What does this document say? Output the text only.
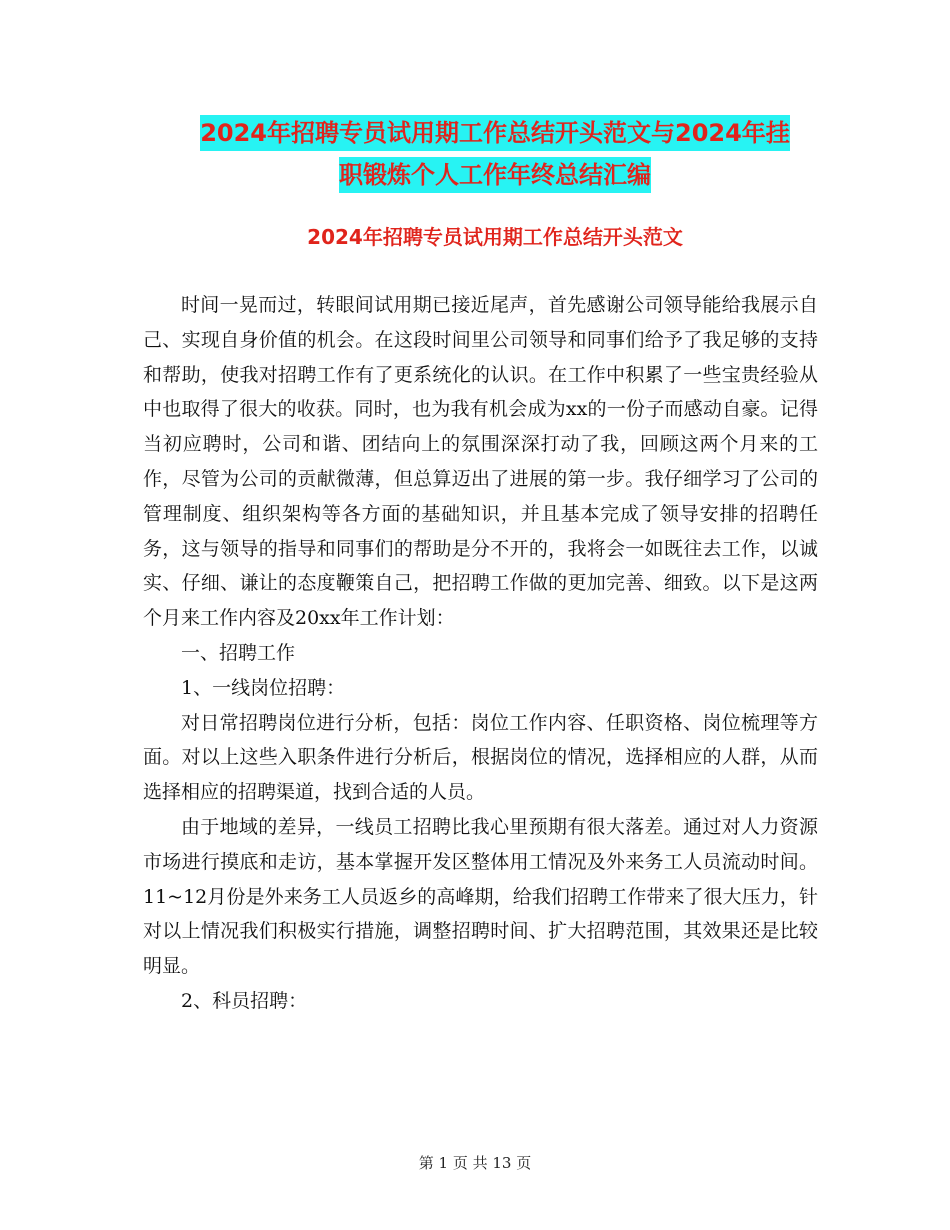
2024年招聘专员试用期工作总结开头范文与2024年挂
职锻炼个人工作年终总结汇编
2024年招聘专员试用期工作总结开头范文

时间一晃而过，转眼间试用期已接近尾声，首先感谢公司领导能给我展示自己、实现自身价值的机会。在这段时间里公司领导和同事们给予了我足够的支持和帮助，使我对招聘工作有了更系统化的认识。在工作中积累了一些宝贵经验从中也取得了很大的收获。同时，也为我有机会成为xx的一份子而感动自豪。记得当初应聘时，公司和谐、团结向上的氛围深深打动了我，回顾这两个月来的工作，尽管为公司的贡献微薄，但总算迈出了进展的第一步。我仔细学习了公司的管理制度、组织架构等各方面的基础知识，并且基本完成了领导安排的招聘任务，这与领导的指导和同事们的帮助是分不开的，我将会一如既往去工作，以诚实、仔细、谦让的态度鞭策自己，把招聘工作做的更加完善、细致。以下是这两个月来工作内容及20xx年工作计划：

一、招聘工作

1、一线岗位招聘：

对日常招聘岗位进行分析，包括：岗位工作内容、任职资格、岗位梳理等方面。对以上这些入职条件进行分析后，根据岗位的情况，选择相应的人群，从而选择相应的招聘渠道，找到合适的人员。

由于地域的差异，一线员工招聘比我心里预期有很大落差。通过对人力资源市场进行摸底和走访，基本掌握开发区整体用工情况及外来务工人员流动时间。11~12月份是外来务工人员返乡的高峰期，给我们招聘工作带来了很大压力，针对以上情况我们积极实行措施，调整招聘时间、扩大招聘范围，其效果还是比较明显。

2、科员招聘：

第 1 页 共 13 页
